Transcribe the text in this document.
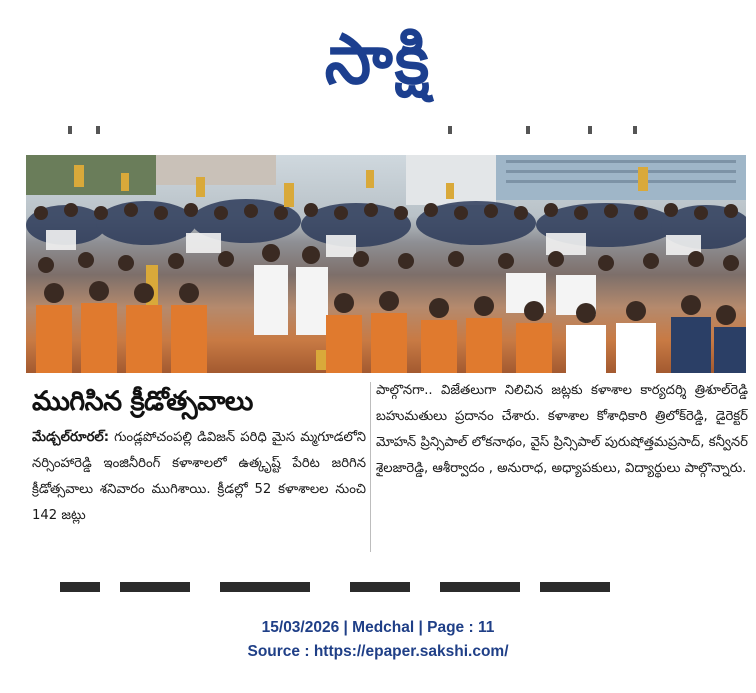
సాక్షి
ముగిసిన క్రీడోత్సవాలు

మేడ్చల్‌రూరల్‌: గుండ్లపోచంపల్లి డివిజన్‌ పరిధి మైస మ్మగూడలోని నర్సింహారెడ్డి ఇంజినీరింగ్‌ కళాశాలలో ఉత్కృష్ట్‌ పేరిట జరిగిన క్రీడోత్సవాలు శనివారం ముగిశాయి. క్రీడల్లో 52 కళాశాలల నుంచి 142 జట్లు

పాల్గొనగా.. విజేతలుగా నిలిచిన జట్లకు కళాశాల కార్యదర్శి త్రిశూల్‌రెడ్డి బహుమతులు ప్రదానం చేశారు. కళాశాల కోశాధికారి త్రిలోక్‌రెడ్డి, డైరెక్టర్‌ మోహన్‌ ప్రిన్సిపాల్‌ లోకనాథం, వైస్‌ ప్రిన్సిపాల్‌ పురుషోత్తమప్రసాద్‌, కన్వీనర్‌ శైలజారెడ్డి, ఆశీర్వాదం , అనురాధ, అధ్యాపకులు, విద్యార్థులు పాల్గొన్నారు.

15/03/2026 | Medchal | Page : 11
Source : https://epaper.sakshi.com/
